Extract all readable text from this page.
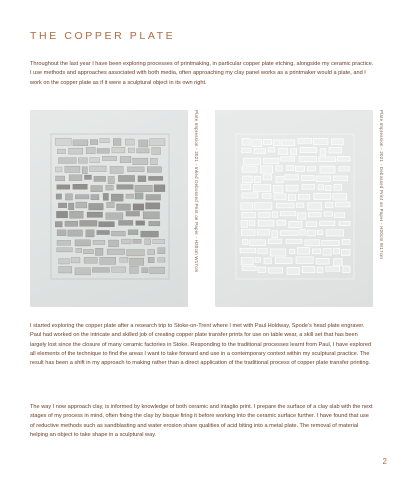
THE COPPER PLATE

Throughout the last year I have been exploring processes of printmaking, in particular copper plate etching, alongside my ceramic practice. I use methods and approaches associated with both media, often approaching my clay panel works as a printmaker would a plate, and I work on the copper plate as if it were a sculptural object in its own right.

Plate Impression - 2021 - Inked Debossed Print on Paper - H20cm W17cm	Plate Impression - 2021 - Debossed Print on Paper - H20cm W17cm

I started exploring the copper plate after a research trip to Stoke-on-Trent where I met with Paul Holdway, Spode’s head plate engraver. Paul had worked on the intricate and skilled job of creating copper plate transfer prints for use on table wear, a skill set that has been largely lost since the closure of many ceramic factories in Stoke. Responding to the traditional processes learnt from Paul, I have explored all elements of the technique to find the areas I want to take forward and use in a contemporary context within my sculptural practice. The result has been a shift in my approach to making rather than a direct application of the traditional process of copper plate transfer printing.

The way I now approach clay, is informed by knowledge of both ceramic and intaglio print. I prepare the surface of a clay slab with the next stages of my process in mind, often fixing the clay by bisque firing it before working into the ceramic surface further. I have found that use of reductive methods such as sandblasting and water erosion share qualities of acid biting into a metal plate. The removal of material helping an object to take shape in a sculptural way.

2
